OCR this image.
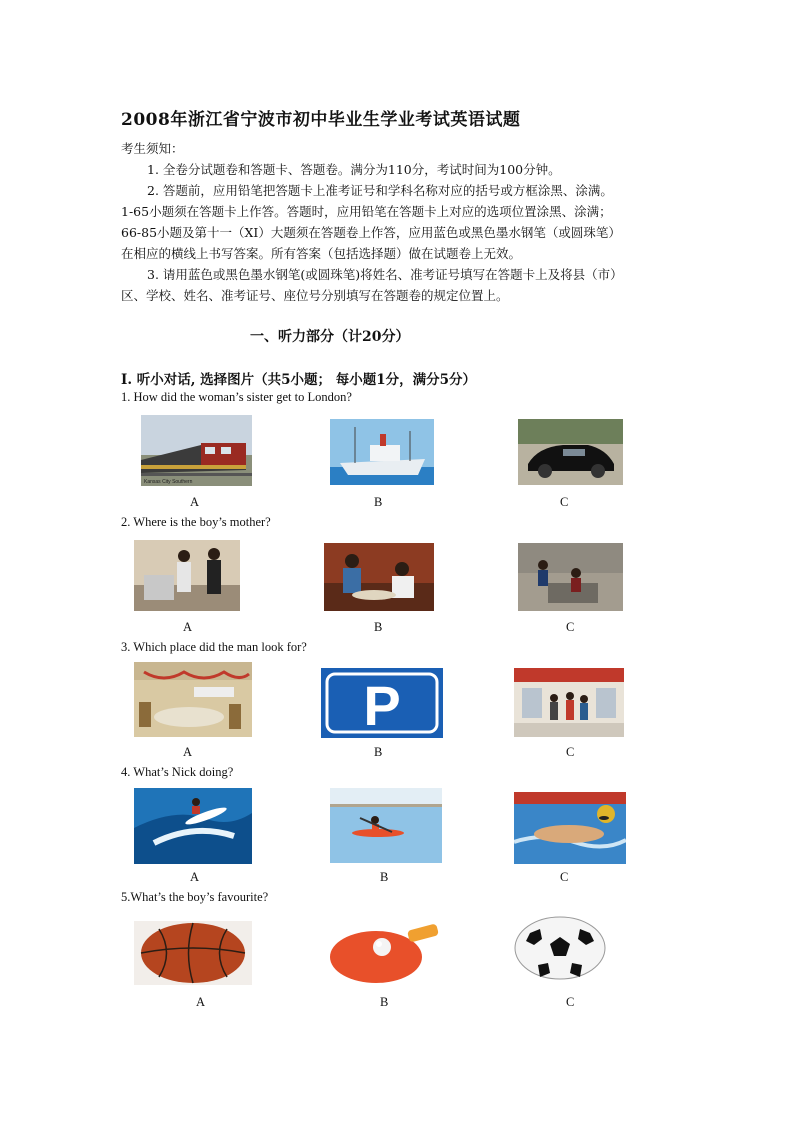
2008年浙江省宁波市初中毕业生学业考试英语试题
考生须知：
1. 全卷分试题卷和答题卡、答题卷。满分为110分，考试时间为100分钟。
2. 答题前，应用铅笔把答题卡上准考证号和学科名称对应的括号或方框涂黑、涂满。
1-65小题须在答题卡上作答。答题时，应用铅笔在答题卡上对应的选项位置涂黑、涂满；
66-85小题及第十一（XI）大题须在答题卷上作答，应用蓝色或黑色墨水钢笔（或圆珠笔）
在相应的横线上书写答案。所有答案（包括选择题）做在试题卷上无效。
3. 请用蓝色或黑色墨水钢笔(或圆珠笔)将姓名、准考证号填写在答题卡上及将县（市）
区、学校、姓名、准考证号、座位号分别填写在答题卷的规定位置上。
一、听力部分（计20分）
I. 听小对话, 选择图片（共5小题； 每小题1分，满分5分）
1. How did the woman’s sister get to London?
Kansas City Southern
A	B	C
2. Where is the boy’s mother?
A	B	C
3. Which place did the man look for?
P
A	B	C
4. What’s Nick doing?
A	B	C
5.What’s the boy’s favourite?
A	B	C
